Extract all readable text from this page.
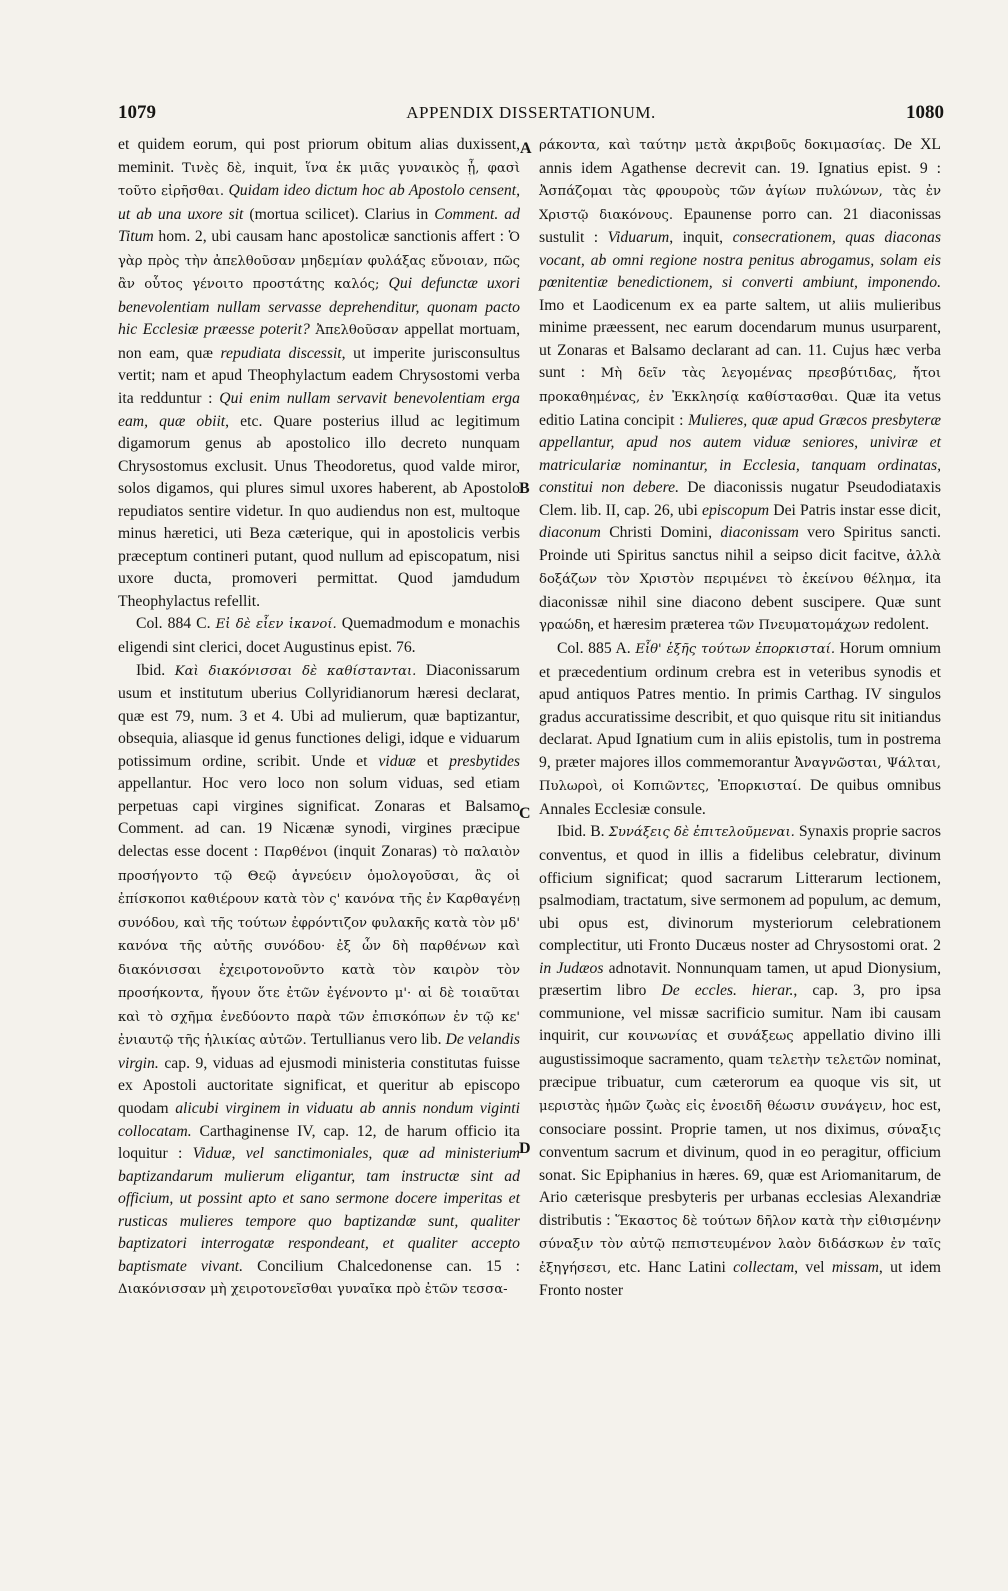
1079	APPENDIX DISSERTATIONUM.	1080
A
B
C
D

et quidem eorum, qui post priorum obitum alias duxissent, meminit. Τινὲς δὲ, inquit, ἵνα ἐκ μιᾶς γυναικὸς ᾖ, φασὶ τοῦτο εἰρῆσθαι. Quidam ideo dictum hoc ab Apostolo censent, ut ab una uxore sit (mortua scilicet). Clarius in Comment. ad Titum hom. 2, ubi causam hanc apostolicæ sanctionis affert : Ὁ γὰρ πρὸς τὴν ἀπελθοῦσαν μηδεμίαν φυλάξας εὔνοιαν, πῶς ἂν οὗτος γένοιτο προστάτης καλός; Qui defunctæ uxori benevolentiam nullam servasse deprehenditur, quonam pacto hic Ecclesiæ præesse poterit? Ἀπελθοῦσαν appellat mortuam, non eam, quæ repudiata discessit, ut imperite jurisconsultus vertit; nam et apud Theophylactum eadem Chrysostomi verba ita redduntur : Qui enim nullam servavit benevolentiam erga eam, quæ obiit, etc. Quare posterius illud ac legitimum digamorum genus ab apostolico illo decreto nunquam Chrysostomus exclusit. Unus Theodoretus, quod valde miror, solos digamos, qui plures simul uxores haberent, ab Apostolo repudiatos sentire videtur. In quo audiendus non est, multoque minus hæretici, uti Beza cæterique, qui in apostolicis verbis præceptum contineri putant, quod nullum ad episcopatum, nisi uxore ducta, promoveri permittat. Quod jamdudum Theophylactus refellit.

Col. 884 C. Εἰ δὲ εἶεν ἱκανοί. Quemadmodum e monachis eligendi sint clerici, docet Augustinus epist. 76.

Ibid. Καὶ διακόνισσαι δὲ καθίστανται. Diaconissarum usum et institutum uberius Collyridianorum hæresi declarat, quæ est 79, num. 3 et 4. Ubi ad mulierum, quæ baptizantur, obsequia, aliasque id genus functiones deligi, idque e viduarum potissimum ordine, scribit. Unde et viduæ et presbytides appellantur. Hoc vero loco non solum viduas, sed etiam perpetuas capi virgines significat. Zonaras et Balsamo Comment. ad can. 19 Nicænæ synodi, virgines præcipue delectas esse docent : Παρθένοι (inquit Zonaras) τὸ παλαιὸν προσήγοντο τῷ Θεῷ ἁγνεύειν ὁμολογοῦσαι, ἃς οἱ ἐπίσκοποι καθιέρουν κατὰ τὸν ς' κανόνα τῆς ἐν Καρθαγένῃ συνόδου, καὶ τῆς τούτων ἐφρόντιζον φυλακῆς κατὰ τὸν μδ' κανόνα τῆς αὐτῆς συνόδου· ἐξ ὧν δὴ παρθένων καὶ διακόνισσαι ἐχειροτονοῦντο κατὰ τὸν καιρὸν τὸν προσήκοντα, ἤγουν ὅτε ἐτῶν ἐγένοντο μ'· αἱ δὲ τοιαῦται καὶ τὸ σχῆμα ἐνεδύοντο παρὰ τῶν ἐπισκόπων ἐν τῷ κε' ἐνιαυτῷ τῆς ἡλικίας αὐτῶν. Tertullianus vero lib. De velandis virgin. cap. 9, viduas ad ejusmodi ministeria constitutas fuisse ex Apostoli auctoritate significat, et queritur ab episcopo quodam alicubi virginem in viduatu ab annis nondum viginti collocatam. Carthaginense IV, cap. 12, de harum officio ita loquitur : Viduæ, vel sanctimoniales, quæ ad ministerium baptizandarum mulierum eligantur, tam instructæ sint ad officium, ut possint apto et sano sermone docere imperitas et rusticas mulieres tempore quo baptizandæ sunt, qualiter baptizatori interrogatæ respondeant, et qualiter accepto baptismate vivant. Concilium Chalcedonense can. 15 : Διακόνισσαν μὴ χειροτονεῖσθαι γυναῖκα πρὸ ἐτῶν τεσσα-

ράκοντα, καὶ ταύτην μετὰ ἀκριβοῦς δοκιμασίας. De XL annis idem Agathense decrevit can. 19. Ignatius epist. 9 : Ἀσπάζομαι τὰς φρουροὺς τῶν ἁγίων πυλώνων, τὰς ἐν Χριστῷ διακόνους. Epaunense porro can. 21 diaconissas sustulit : Viduarum, inquit, consecrationem, quas diaconas vocant, ab omni regione nostra penitus abrogamus, solam eis pœnitentiæ benedictionem, si converti ambiunt, imponendo. Imo et Laodicenum ex ea parte saltem, ut aliis mulieribus minime præessent, nec earum docendarum munus usurparent, ut Zonaras et Balsamo declarant ad can. 11. Cujus hæc verba sunt : Μὴ δεῖν τὰς λεγομένας πρεσβύτιδας, ἤτοι προκαθημένας, ἐν Ἐκκλησίᾳ καθίστασθαι. Quæ ita vetus editio Latina concipit : Mulieres, quæ apud Græcos presbyteræ appellantur, apud nos autem viduæ seniores, univiræ et matriculariæ nominantur, in Ecclesia, tanquam ordinatas, constitui non debere. De diaconissis nugatur Pseudodiataxis Clem. lib. II, cap. 26, ubi episcopum Dei Patris instar esse dicit, diaconum Christi Domini, diaconissam vero Spiritus sancti. Proinde uti Spiritus sanctus nihil a seipso dicit facitve, ἀλλὰ δοξάζων τὸν Χριστὸν περιμένει τὸ ἐκείνου θέλημα, ita diaconissæ nihil sine diacono debent suscipere. Quæ sunt γραώδη, et hæresim præterea τῶν Πνευματομάχων redolent.

Col. 885 A. Εἶθ' ἑξῆς τούτων ἐπορκισταί. Horum omnium et præcedentium ordinum crebra est in veteribus synodis et apud antiquos Patres mentio. In primis Carthag. IV singulos gradus accuratissime describit, et quo quisque ritu sit initiandus declarat. Apud Ignatium cum in aliis epistolis, tum in postrema 9, præter majores illos commemorantur Ἀναγνῶσται, Ψάλται, Πυλωροὶ, οἱ Κοπιῶντες, Ἐπορκισταί. De quibus omnibus Annales Ecclesiæ consule.

Ibid. B. Συνάξεις δὲ ἐπιτελοῦμεναι. Synaxis proprie sacros conventus, et quod in illis a fidelibus celebratur, divinum officium significat; quod sacrarum Litterarum lectionem, psalmodiam, tractatum, sive sermonem ad populum, ac demum, ubi opus est, divinorum mysteriorum celebrationem complectitur, uti Fronto Ducæus noster ad Chrysostomi orat. 2 in Judæos adnotavit. Nonnunquam tamen, ut apud Dionysium, præsertim libro De eccles. hierar., cap. 3, pro ipsa communione, vel missæ sacrificio sumitur. Nam ibi causam inquirit, cur κοινωνίας et συνάξεως appellatio divino illi augustissimoque sacramento, quam τελετὴν τελετῶν nominat, præcipue tribuatur, cum cæterorum ea quoque vis sit, ut μεριστὰς ἡμῶν ζωὰς εἰς ἑνοειδῆ θέωσιν συνάγειν, hoc est, consociare possint. Proprie tamen, ut nos diximus, σύναξις conventum sacrum et divinum, quod in eo peragitur, officium sonat. Sic Epiphanius in hæres. 69, quæ est Ariomanitarum, de Ario cæterisque presbyteris per urbanas ecclesias Alexandriæ distributis : Ἕκαστος δὲ τούτων δῆλον κατὰ τὴν εἰθισμένην σύναξιν τὸν αὐτῷ πεπιστευμένον λαὸν διδάσκων ἐν ταῖς ἐξηγήσεσι, etc. Hanc Latini collectam, vel missam, ut idem Fronto noster
